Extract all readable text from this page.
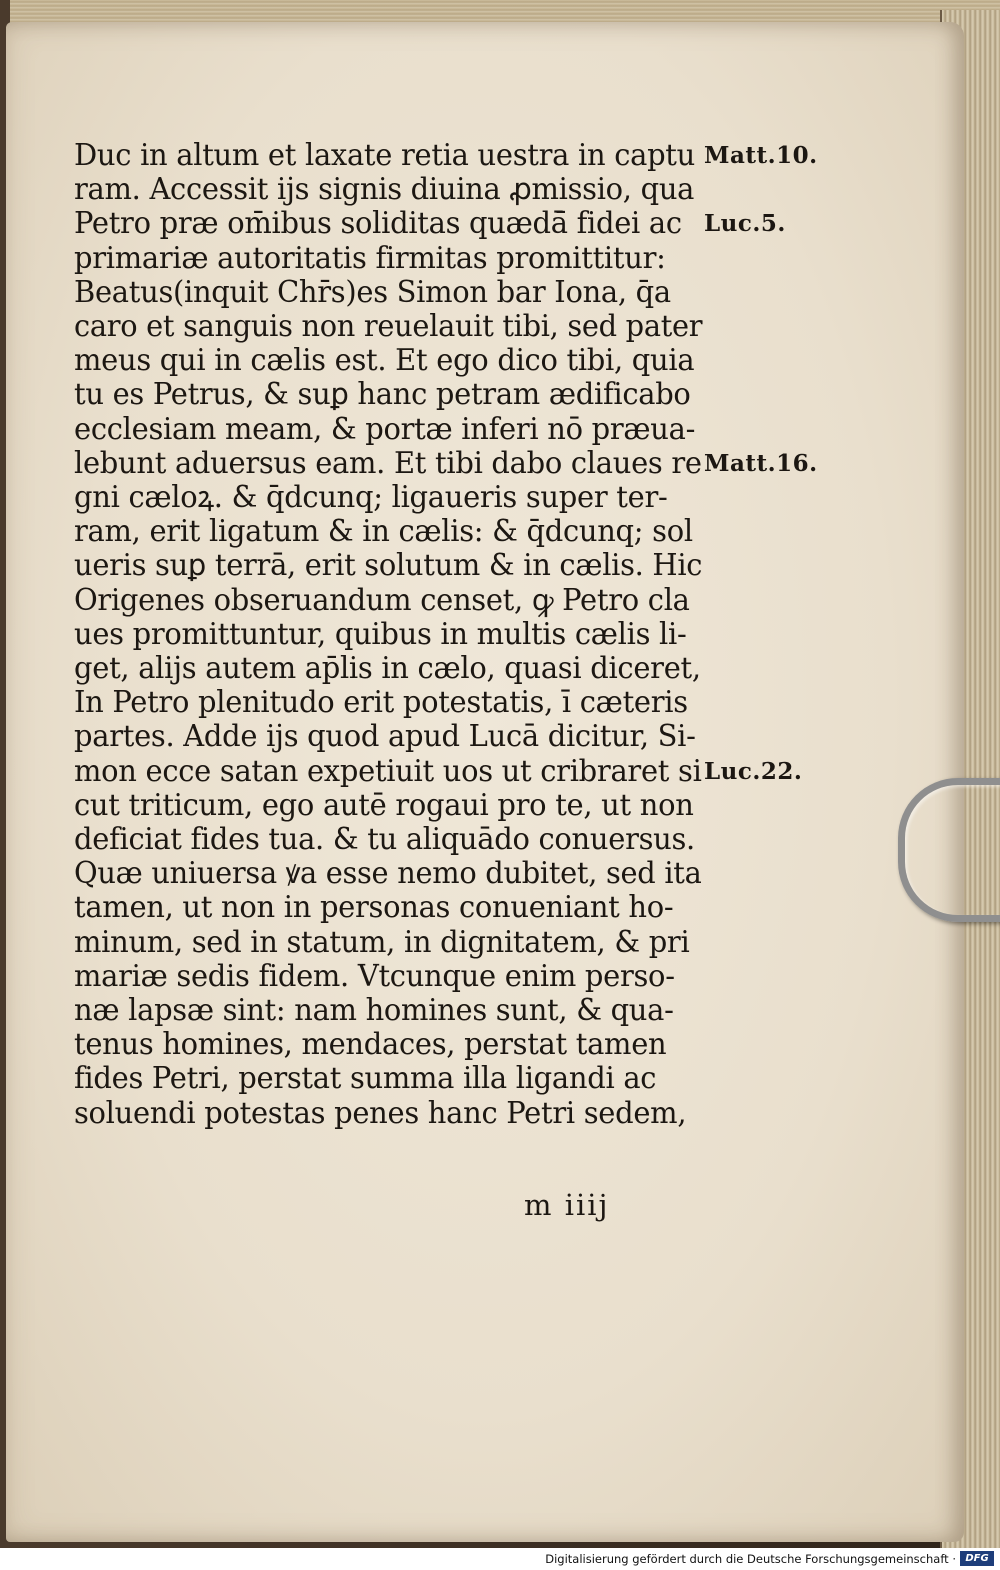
Duc in altum et laxate retia uestra in captu
ram. Accessit ijs signis diuina ꝓmissio, qua
Petro præ om̄ibus soliditas quædā̄ fidei ac
primariæ autoritatis firmitas promittitur:
Beatus(inquit Chr̄s)es Simon bar Iona, q̄a
caro et sanguis non reuelauit tibi, sed pater
meus qui in cælis est. Et ego dico tibi, quia
tu es Petrus, & suꝑ hanc petram ædificabo
ecclesiam meam, & portæ inferi nō præua-
lebunt aduersus eam. Et tibi dabo claues re
gni cæloꝝ. & q̄dcunq; ligaueris super ter-
ram, erit ligatum & in cælis: & q̄dcunq; sol
ueris suꝑ terrā, erit solutum & in cælis. Hic
Origenes obseruandum censet, ꝙ Petro cla
ues promittuntur, quibus in multis cælis li-
get, alijs autem ap̄lis in cælo, quasi diceret,
In Petro plenitudo erit potestatis, ī cæteris
partes. Adde ijs quod apud Lucā dicitur, Si-
mon ecce satan expetiuit uos ut cribraret si
cut triticum, ego autē rogaui pro te, ut non
deficiat fides tua. & tu aliquādo conuersus.
Quæ uniuersa ꝟa esse nemo dubitet, sed ita
tamen, ut non in personas conueniant ho-
minum, sed in statum, in dignitatem, & pri
mariæ sedis fidem. Vtcunque enim perso-
næ lapsæ sint: nam homines sunt, & qua-
tenus homines, mendaces, perstat tamen
fides Petri, perstat summa illa ligandi ac
soluendi potestas penes hanc Petri sedem,
Matt.10.
Luc.5.
Matt.16.
Luc.22.
m iiij
Digitalisierung gefördert durch die Deutsche Forschungsgemeinschaft · DFG
